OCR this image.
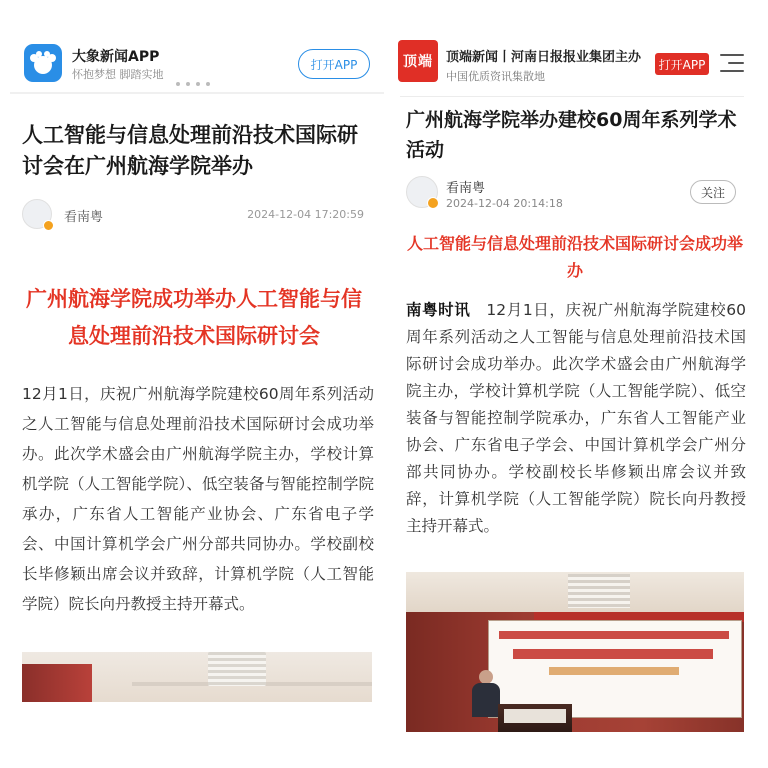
大象新闻APP
怀抱梦想 脚踏实地
打开APP
人工智能与信息处理前沿技术国际研讨会在广州航海学院举办
看南粤	2024-12-04 17:20:59
广州航海学院成功举办人工智能与信息处理前沿技术国际研讨会

12月1日，庆祝广州航海学院建校60周年系列活动之人工智能与信息处理前沿技术国际研讨会成功举办。此次学术盛会由广州航海学院主办，学校计算机学院（人工智能学院）、低空装备与智能控制学院承办，广东省人工智能产业协会、广东省电子学会、中国计算机学会广州分部共同协办。学校副校长毕修颖出席会议并致辞，计算机学院（人工智能学院）院长向丹教授主持开幕式。

顶端	顶端新闻丨河南日报报业集团主办
中国优质资讯集散地
打开APP
广州航海学院举办建校60周年系列学术活动
看南粤
2024-12-04 20:14:18
关注
人工智能与信息处理前沿技术国际研讨会成功举办

南粤时讯　12月1日，庆祝广州航海学院建校60周年系列活动之人工智能与信息处理前沿技术国际研讨会成功举办。此次学术盛会由广州航海学院主办，学校计算机学院（人工智能学院）、低空装备与智能控制学院承办，广东省人工智能产业协会、广东省电子学会、中国计算机学会广州分部共同协办。学校副校长毕修颖出席会议并致辞，计算机学院（人工智能学院）院长向丹教授主持开幕式。
